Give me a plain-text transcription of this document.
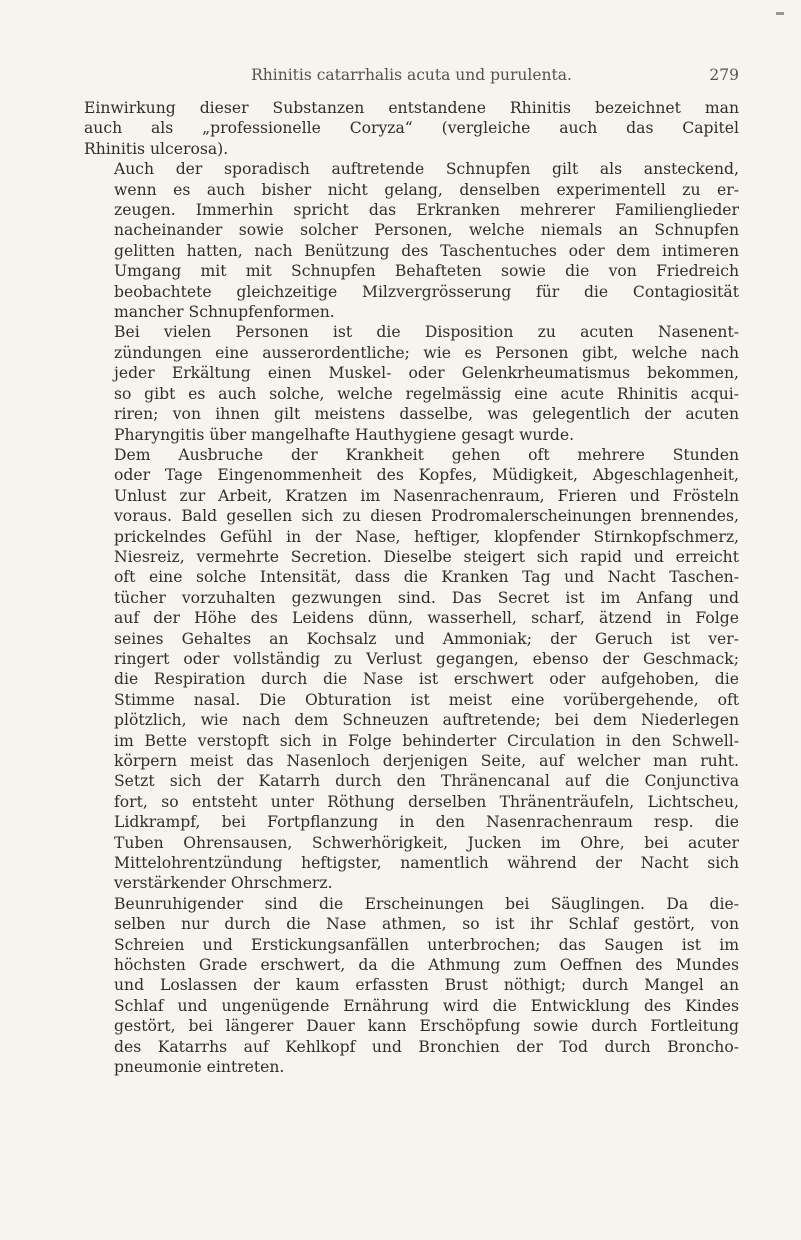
Rhinitis catarrhalis acuta und purulenta.	279

Einwirkung dieser Substanzen entstandene Rhinitis bezeichnet man
auch als „professionelle Coryza“ (vergleiche auch das Capitel
Rhinitis ulcerosa).

Auch der sporadisch auftretende Schnupfen gilt als ansteckend,
wenn es auch bisher nicht gelang, denselben experimentell zu er-
zeugen. Immerhin spricht das Erkranken mehrerer Familienglieder
nacheinander sowie solcher Personen, welche niemals an Schnupfen
gelitten hatten, nach Benützung des Taschentuches oder dem intimeren
Umgang mit mit Schnupfen Behafteten sowie die von Friedreich
beobachtete gleichzeitige Milzvergrösserung für die Contagiosität
mancher Schnupfenformen.

Bei vielen Personen ist die Disposition zu acuten Nasenent-
zündungen eine ausserordentliche; wie es Personen gibt, welche nach
jeder Erkältung einen Muskel- oder Gelenkrheumatismus bekommen,
so gibt es auch solche, welche regelmässig eine acute Rhinitis acqui-
riren; von ihnen gilt meistens dasselbe, was gelegentlich der acuten
Pharyngitis über mangelhafte Hauthygiene gesagt wurde.

Dem Ausbruche der Krankheit gehen oft mehrere Stunden
oder Tage Eingenommenheit des Kopfes, Müdigkeit, Abgeschlagenheit,
Unlust zur Arbeit, Kratzen im Nasenrachenraum, Frieren und Frösteln
voraus. Bald gesellen sich zu diesen Prodromalerscheinungen brennendes,
prickelndes Gefühl in der Nase, heftiger, klopfender Stirnkopfschmerz,
Niesreiz, vermehrte Secretion. Dieselbe steigert sich rapid und erreicht
oft eine solche Intensität, dass die Kranken Tag und Nacht Taschen-
tücher vorzuhalten gezwungen sind. Das Secret ist im Anfang und
auf der Höhe des Leidens dünn, wasserhell, scharf, ätzend in Folge
seines Gehaltes an Kochsalz und Ammoniak; der Geruch ist ver-
ringert oder vollständig zu Verlust gegangen, ebenso der Geschmack;
die Respiration durch die Nase ist erschwert oder aufgehoben, die
Stimme nasal. Die Obturation ist meist eine vorübergehende, oft
plötzlich, wie nach dem Schneuzen auftretende; bei dem Niederlegen
im Bette verstopft sich in Folge behinderter Circulation in den Schwell-
körpern meist das Nasenloch derjenigen Seite, auf welcher man ruht.
Setzt sich der Katarrh durch den Thränencanal auf die Conjunctiva
fort, so entsteht unter Röthung derselben Thränenträufeln, Lichtscheu,
Lidkrampf, bei Fortpflanzung in den Nasenrachenraum resp. die
Tuben Ohrensausen, Schwerhörigkeit, Jucken im Ohre, bei acuter
Mittelohrentzündung heftigster, namentlich während der Nacht sich
verstärkender Ohrschmerz.

Beunruhigender sind die Erscheinungen bei Säuglingen. Da die-
selben nur durch die Nase athmen, so ist ihr Schlaf gestört, von
Schreien und Erstickungsanfällen unterbrochen; das Saugen ist im
höchsten Grade erschwert, da die Athmung zum Oeffnen des Mundes
und Loslassen der kaum erfassten Brust nöthigt; durch Mangel an
Schlaf und ungenügende Ernährung wird die Entwicklung des Kindes
gestört, bei längerer Dauer kann Erschöpfung sowie durch Fortleitung
des Katarrhs auf Kehlkopf und Bronchien der Tod durch Broncho-
pneumonie eintreten.
